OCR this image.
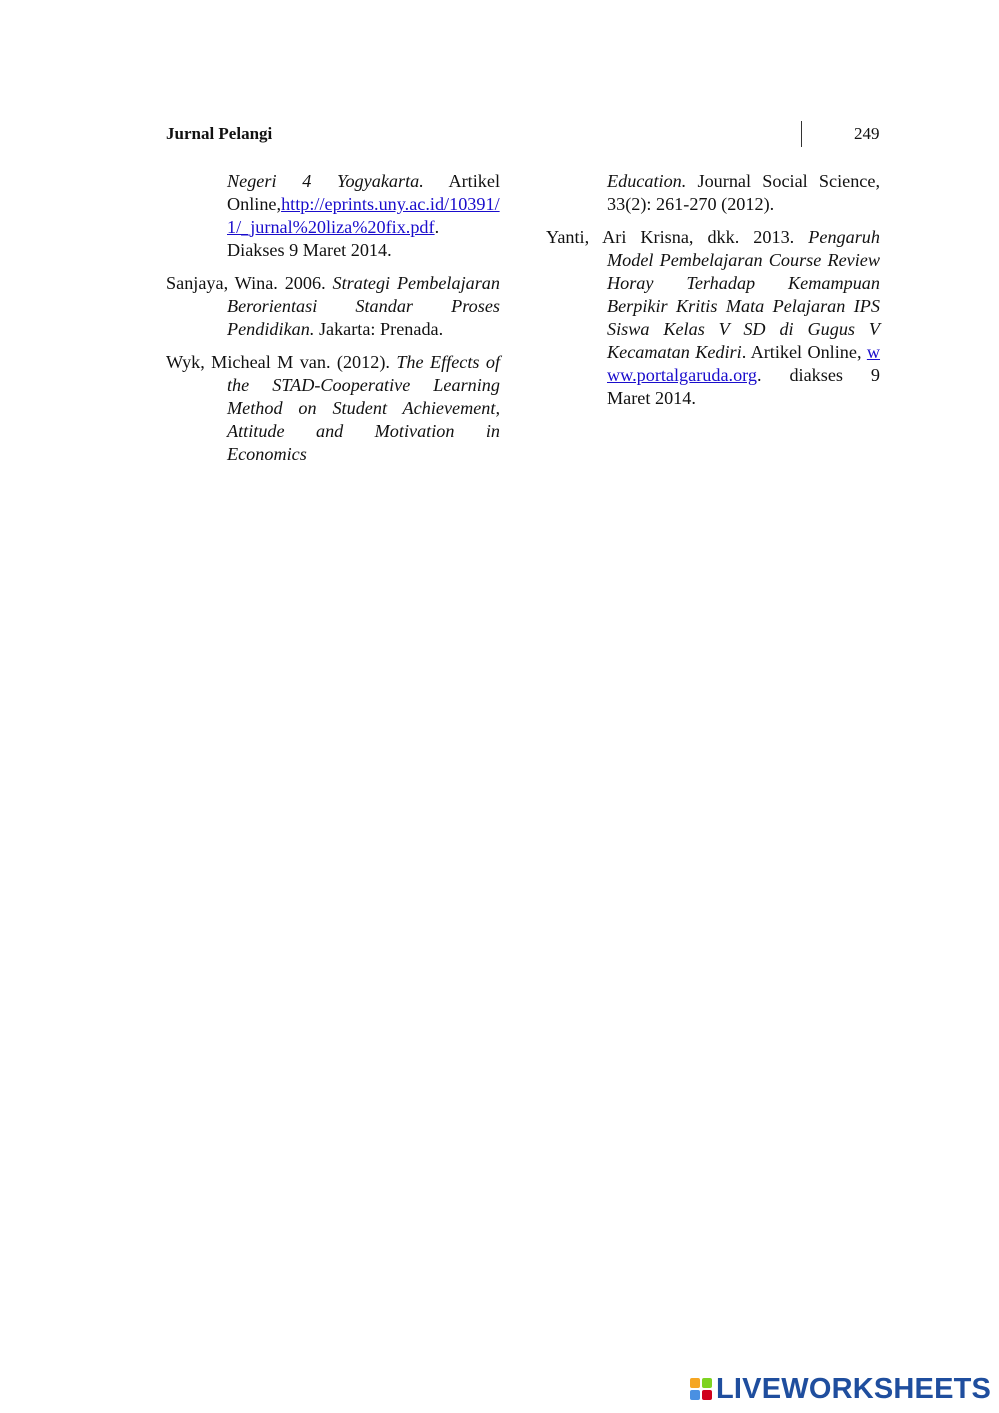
Jurnal Pelangi	249

Negeri 4 Yogyakarta. Artikel Online,http://eprints.uny.ac.id/10391/1/_jurnal%20liza%20fix.pdf. Diakses 9 Maret 2014.

Sanjaya, Wina. 2006. Strategi Pembelajaran Berorientasi Standar Proses Pendidikan. Jakarta: Prenada.

Wyk, Micheal M van. (2012). The Effects of the STAD-Cooperative Learning Method on Student Achievement, Attitude and Motivation in Economics

Education. Journal Social Science, 33(2): 261-270 (2012).

Yanti, Ari Krisna, dkk. 2013. Pengaruh Model Pembelajaran Course Review Horay Terhadap Kemampuan Berpikir Kritis Mata Pelajaran IPS Siswa Kelas V SD di Gugus V Kecamatan Kediri. Artikel Online, www.portalgaruda.org. diakses 9 Maret 2014.

LIVEWORKSHEETS
